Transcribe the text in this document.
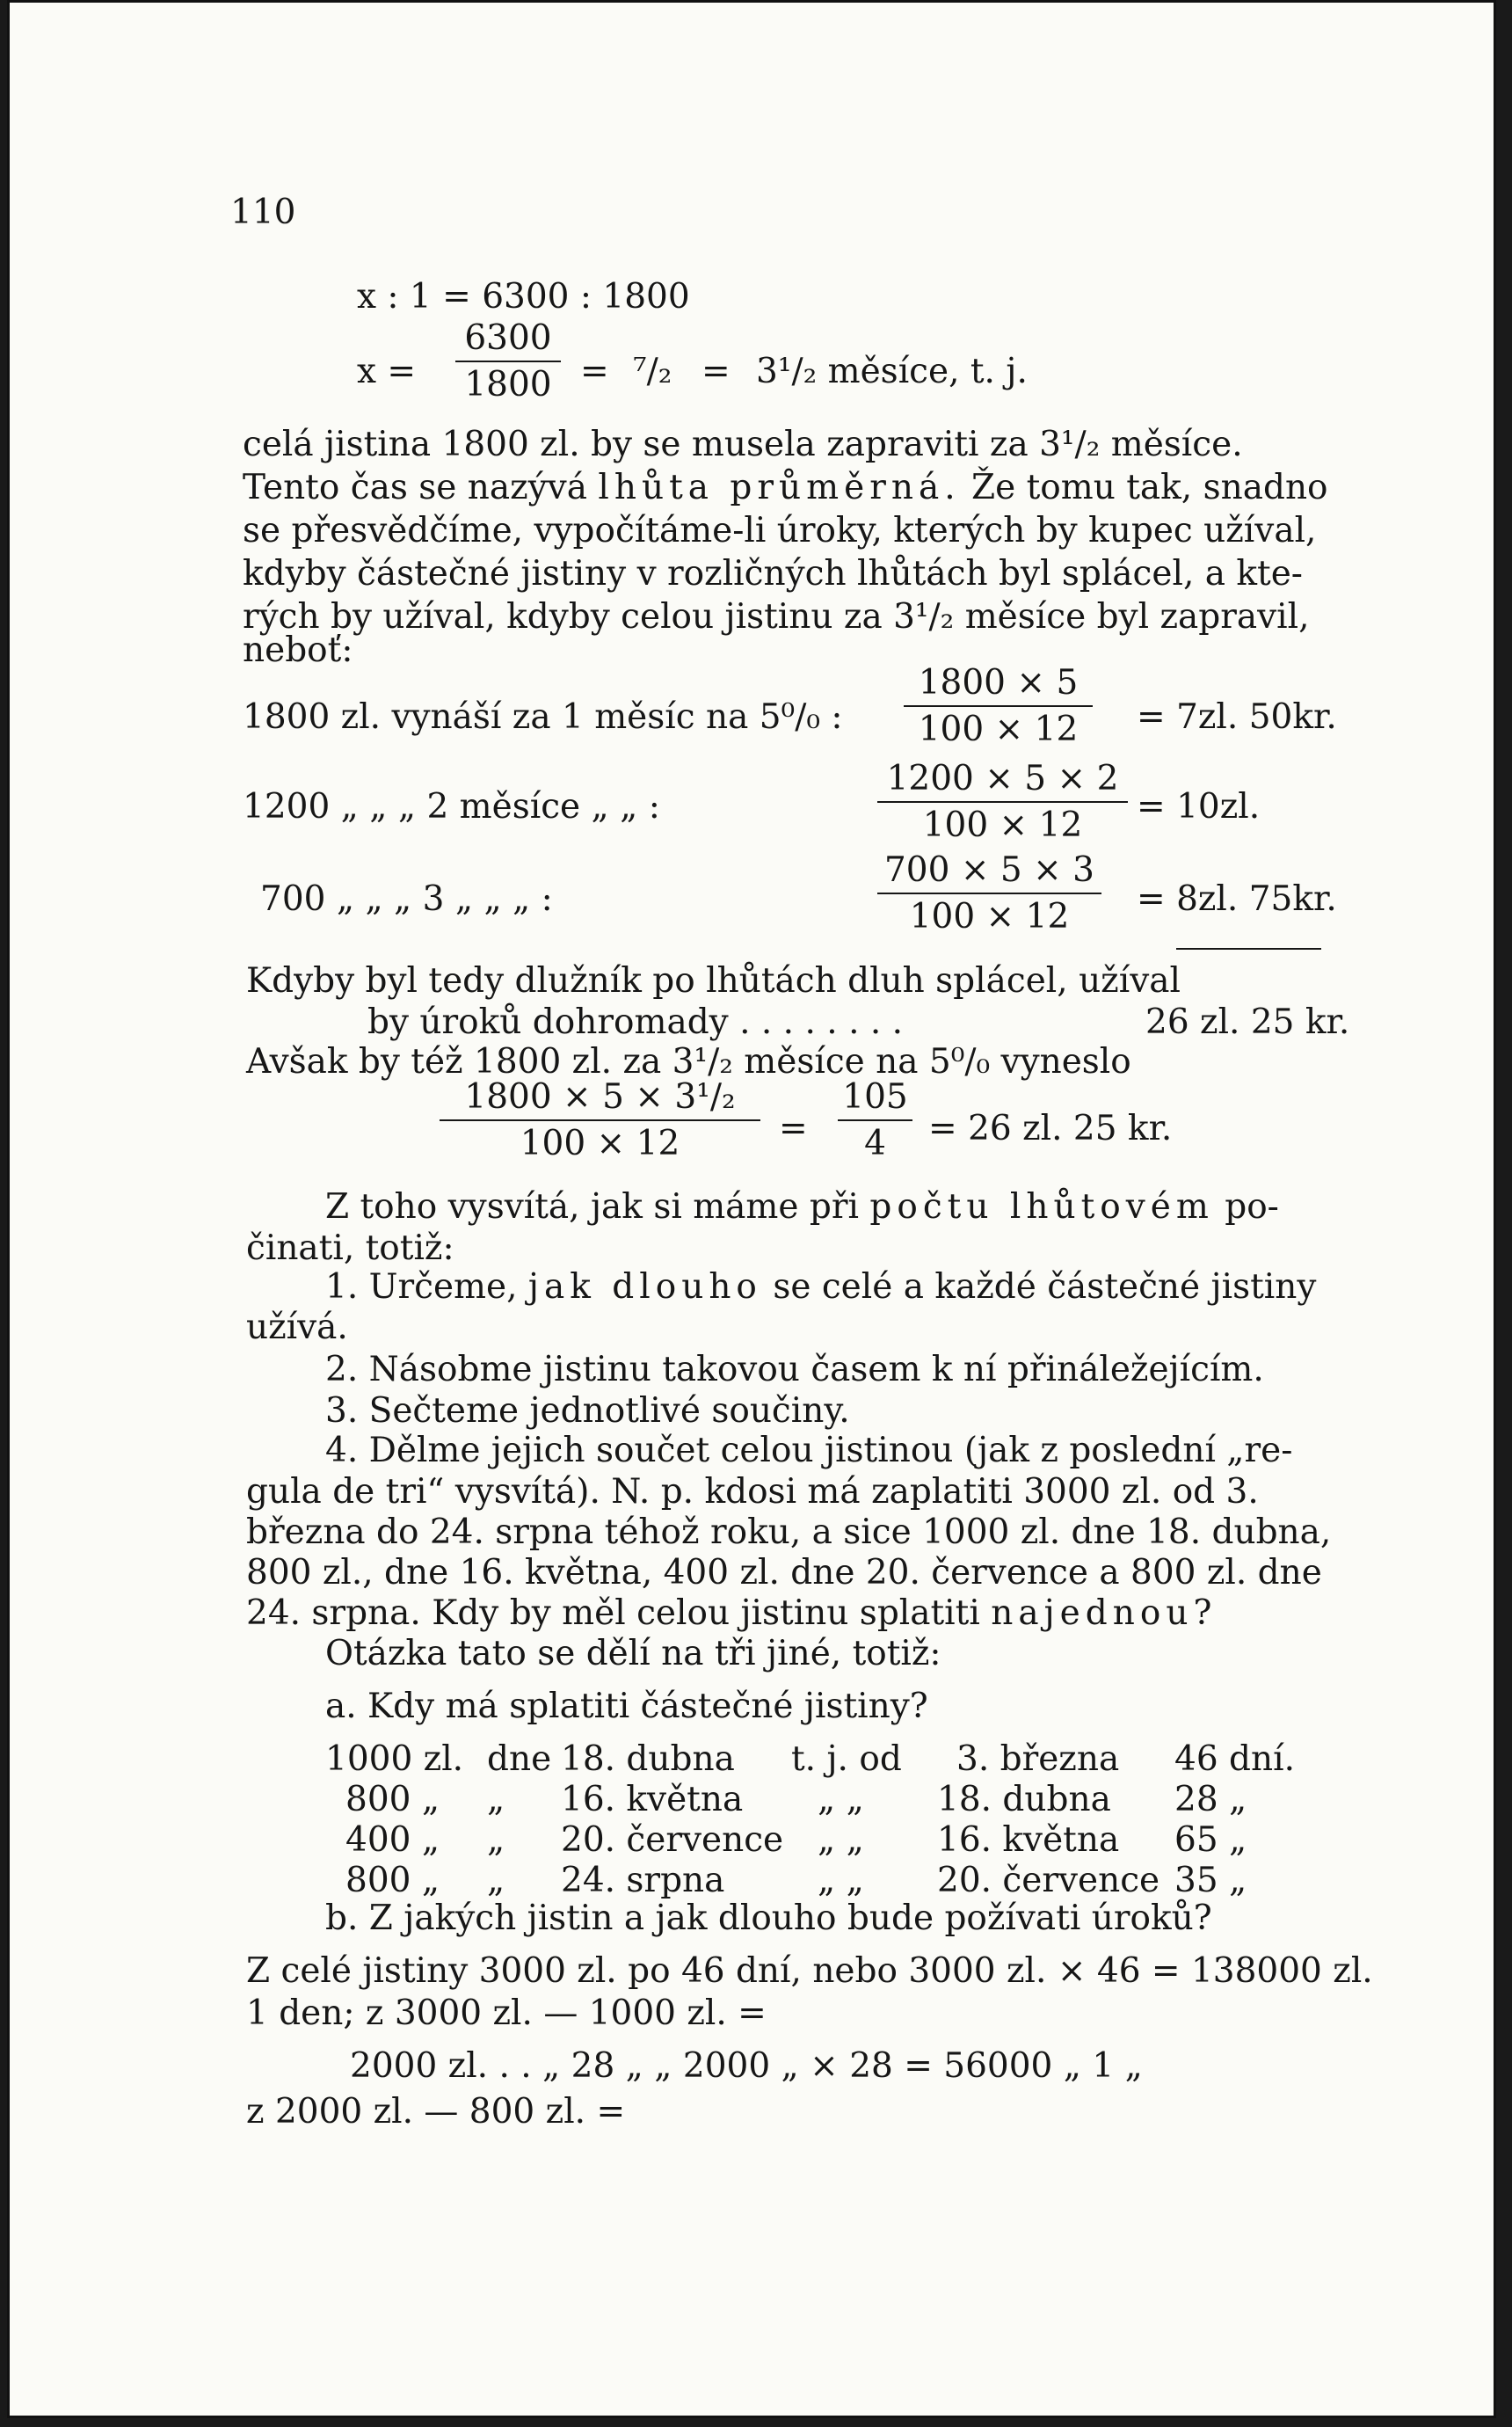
110
x : 1 = 6300 : 1800
$x = \frac{6300}{1800} = ^7/_2 = 3^1/_2$ měsíce, t. j.
celá jistina 1800 zl. by se musela zapraviti za 3¹/₂ měsíce.
Tento čas se nazývá lhůta průměrná. Že tomu tak, snadno
se přesvědčíme, vypočítáme-li úroky, kterých by kupec užíval,
kdyby částečné jistiny v rozličných lhůtách byl splácel, a kte-
rých by užíval, kdyby celou jistinu za 3¹/₂ měsíce byl zapravil,
neboť:
1800 zl. vynáší za 1 měsíc na 5⁰/₀ : $\frac{1800 \times 5}{100 \times 12} = 7zl$. 50kr.
1200 „ „ „ 2 měsíce „ „ :	$\frac{1200 \times 5 \times 2}{100 \times 12} = 10zl$.
700 „ „ „ 3 „ „ „ :	$\frac{700 \times 5 \times 3}{100 \times 12} = 8zl$. 75kr.
Kdyby byl tedy dlužník po lhůtách dluh splácel, užíval
by úroků dohromady . . . . . . . .	26 zl. 25 kr.
Avšak by též 1800 zl. za 3¹/₂ měsíce na 5⁰/₀ vyneslo
$\frac{\text{1800 × 5 × 3¹/₂}}{100 \times 12} = \frac{105}{4} = 26$ zl. 25 kr.
Z toho vysvítá, jak si máme při počtu lhůtovém po-
činati, totiž:
1. Určeme, jak dlouho se celé a každé částečné jistiny
užívá.
2. Násobme jistinu takovou časem k ní přináležejícím.
3. Sečteme jednotlivé součiny.
4. Dělme jejich součet celou jistinou (jak z poslední „re-
gula de tri“ vysvítá). N. p. kdosi má zaplatiti 3000 zl. od 3.
března do 24. srpna téhož roku, a sice 1000 zl. dne 18. dubna,
800 zl., dne 16. května, 400 zl. dne 20. července a 800 zl. dne
24. srpna. Kdy by měl celou jistinu splatiti najednou?
Otázka tato se dělí na tři jiné, totiž:
a. Kdy má splatiti částečné jistiny?
1000 zl. dne 18. dubna t. j. od 3. března 46 dní.
800 „ „ 16. května „ „ 18. dubna 28 „
400 „ „ 20. července „ „ 16. května 65 „
800 „ „ 24. srpna	„ „ 20. července 35 „
b. Z jakých jistin a jak dlouho bude požívati úroků?
Z celé jistiny 3000 zl. po 46 dní, nebo 3000 zl. × 46 = 138000 zl.
1 den; z 3000 zl. — 1000 zl. =
2000 zl. . . „ 28 „ „ 2000 „ × 28 = 56000 „ 1 „
z 2000 zl. — 800 zl. =
